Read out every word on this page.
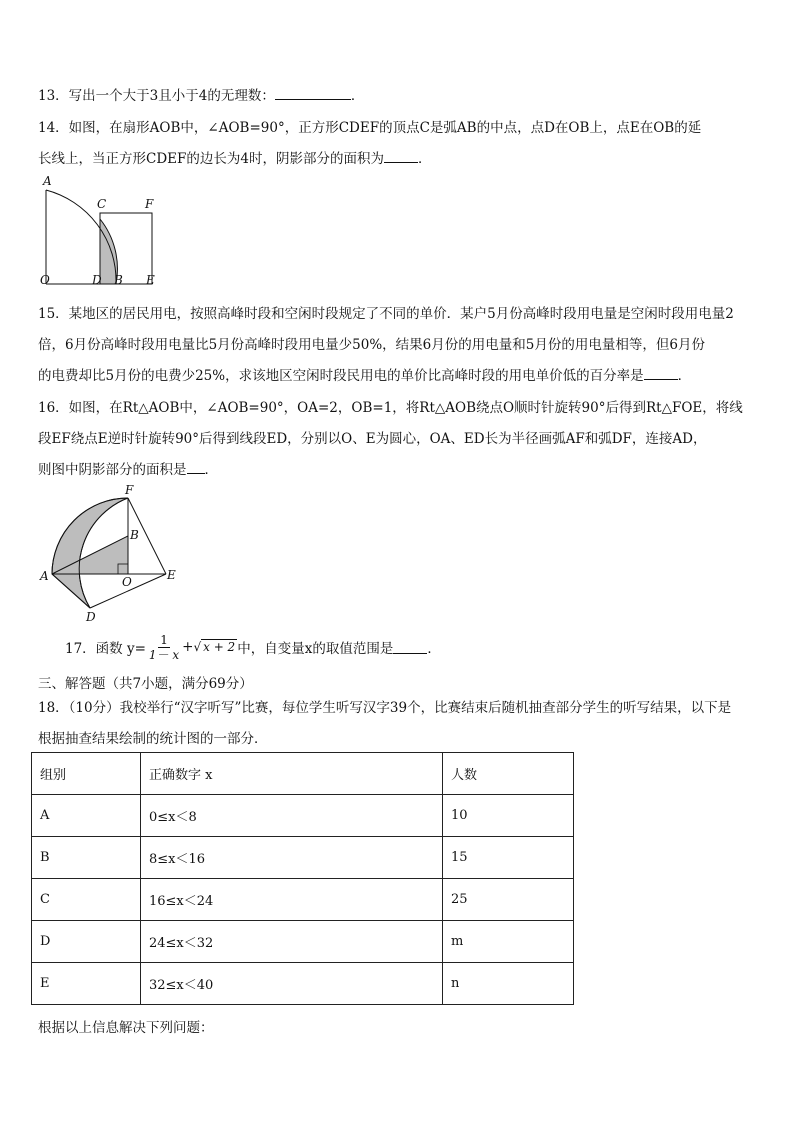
13．写出一个大于3且小于4的无理数：	．
14．如图，在扇形AOB中，∠AOB=90°，正方形CDEF的顶点C是弧AB的中点，点D在OB上，点E在OB的延
长线上，当正方形CDEF的边长为4时，阴影部分的面积为	．
A
C	F
O	D B E
15．某地区的居民用电，按照高峰时段和空闲时段规定了不同的单价．某户5月份高峰时段用电量是空闲时段用电量2
倍，6月份高峰时段用电量比5月份高峰时段用电量少50%，结果6月份的用电量和5月份的用电量相等，但6月份
的电费却比5月份的电费少25%，求该地区空闲时段民用电的单价比高峰时段的用电单价低的百分率是	．
16．如图，在Rt△AOB中，∠AOB=90°，OA=2，OB=1，将Rt△AOB绕点O顺时针旋转90°后得到Rt△FOE，将线
段EF绕点E逆时针旋转90°后得到线段ED，分别以O、E为圆心，OA、ED长为半径画弧AF和弧DF，连接AD，
则图中阴影部分的面积是 ．
F
B
A	O	E
D
17．函数 $y= \frac{1}{1- x}$ + √ x + 2 中，自变量x的取值范围是	．
三、解答题（共7小题，满分69分）
18．（10分）我校举行“汉字听写”比赛，每位学生听写汉字39个，比赛结束后随机抽查部分学生的听写结果，以下是
根据抽查结果绘制的统计图的一部分．
组别	正确数字 x	人数
A	0≤x＜8	10
B	8≤x＜16	15
C	16≤x＜24	25
D	24≤x＜32	m
E	32≤x＜40	n
根据以上信息解决下列问题：
